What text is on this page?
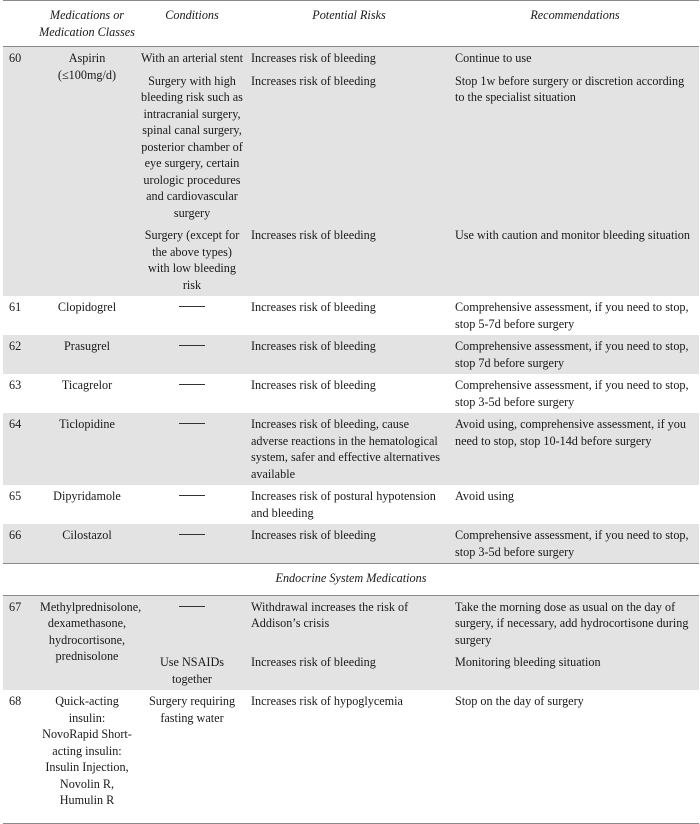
	Medications or Medication Classes	Conditions	Potential Risks	Recommendations
60	Aspirin (≤100mg/d)	With an arterial stent	Increases risk of bleeding	Continue to use
		Surgery with high bleeding risk such as intracranial surgery, spinal canal surgery, posterior chamber of eye surgery, certain urologic procedures and cardiovascular surgery	Increases risk of bleeding	Stop 1w before surgery or discretion according to the specialist situation
		Surgery (except for the above types) with low bleeding risk	Increases risk of bleeding	Use with caution and monitor bleeding situation
61	Clopidogrel		Increases risk of bleeding	Comprehensive assessment, if you need to stop, stop 5-7d before surgery
62	Prasugrel		Increases risk of bleeding	Comprehensive assessment, if you need to stop, stop 7d before surgery
63	Ticagrelor		Increases risk of bleeding	Comprehensive assessment, if you need to stop, stop 3-5d before surgery
64	Ticlopidine		Increases risk of bleeding, cause adverse reactions in the hematological system, safer and effective alternatives available	Avoid using, comprehensive assessment, if you need to stop, stop 10-14d before surgery
65	Dipyridamole		Increases risk of postural hypotension and bleeding	Avoid using
66	Cilostazol		Increases risk of bleeding	Comprehensive assessment, if you need to stop, stop 3-5d before surgery
Endocrine System Medications				
67	Methylprednisolone, dexamethasone, hydrocortisone, prednisolone		Withdrawal increases the risk of Addison’s crisis	Take the morning dose as usual on the day of surgery, if necessary, add hydrocortisone during surgery
		Use NSAIDs together	Increases risk of bleeding	Monitoring bleeding situation
68	Quick-acting insulin: NovoRapid Short-acting insulin: Insulin Injection, Novolin R, Humulin R	Surgery requiring fasting water	Increases risk of hypoglycemia	Stop on the day of surgery
